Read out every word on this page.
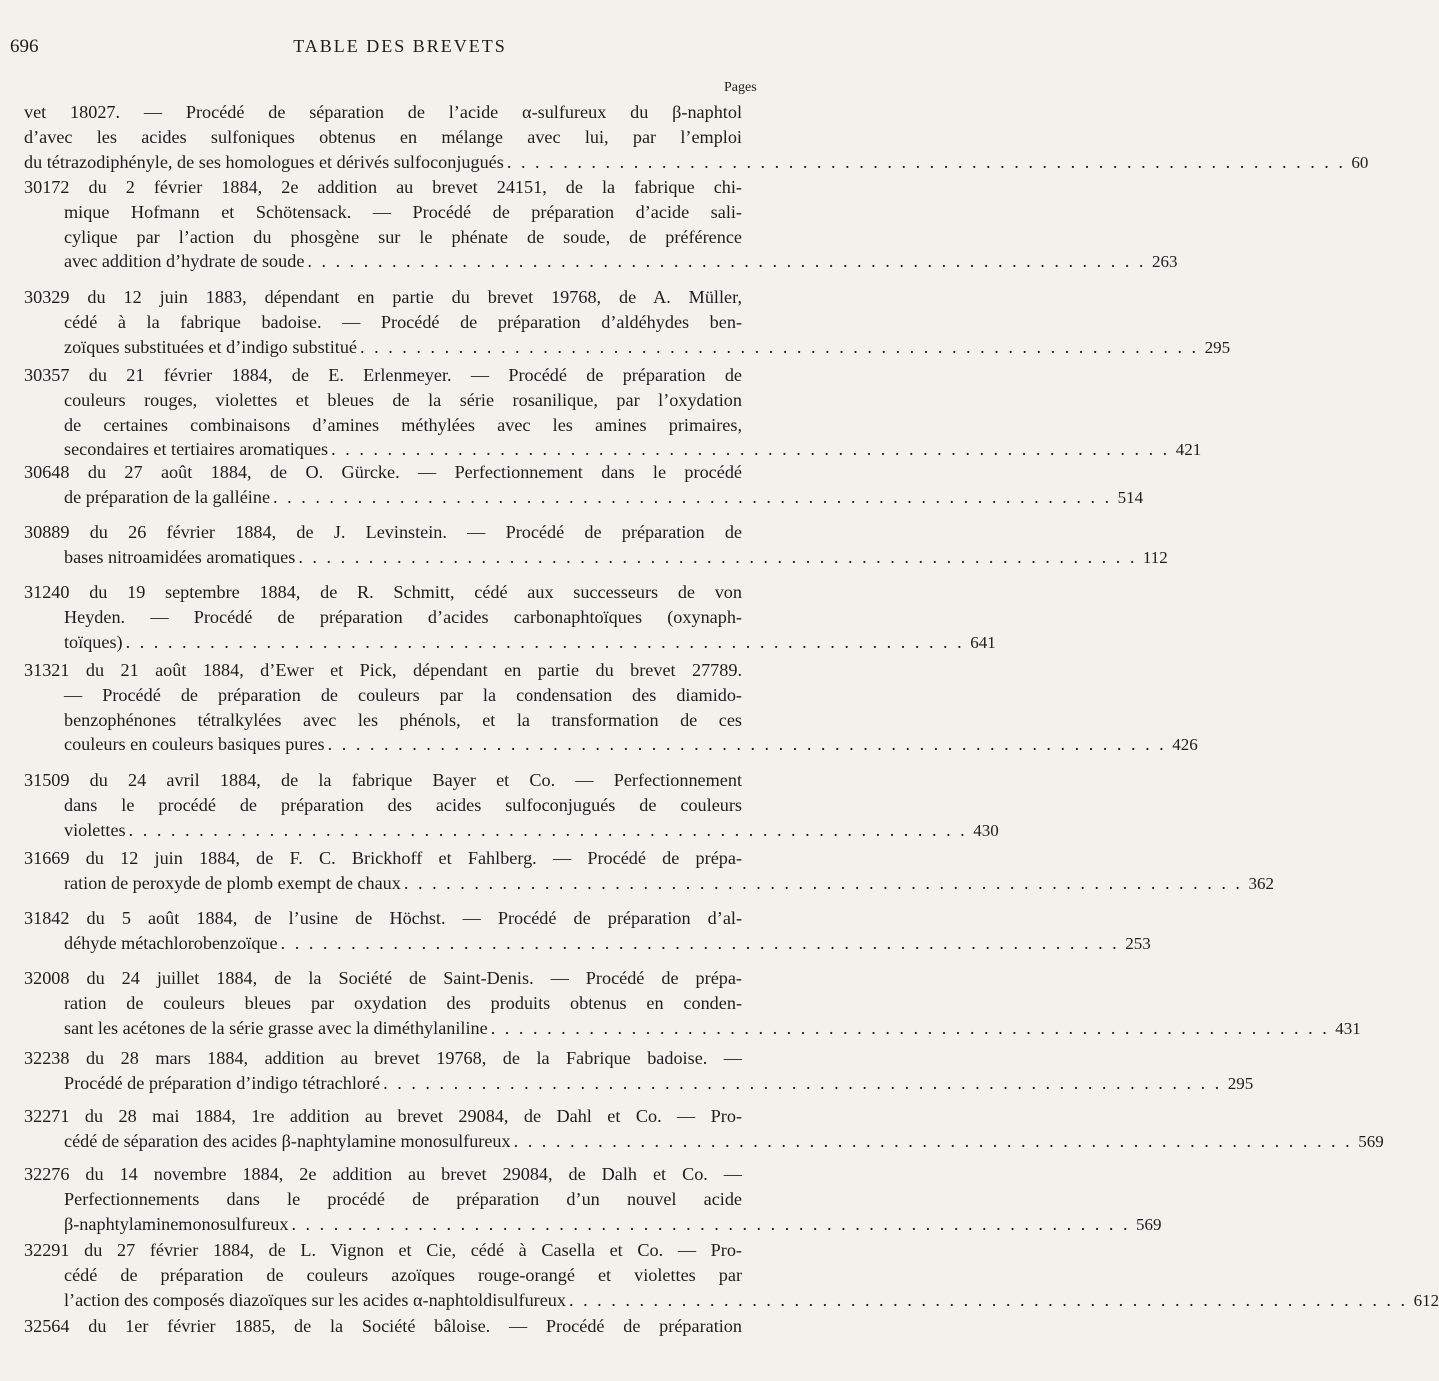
696	TABLE DES BREVETS
Pages
vet 18027. — Procédé de séparation de l’acide α-sulfureux du β-naphtol
d’avec les acides sulfoniques obtenus en mélange avec lui, par l’emploi
du tétrazodiphényle, de ses homologues et dérivés sulfoconjugués . . . . . . . . . . . . . . . . . . . . . . . . . . . . . . . . . . . . . . . . . . . . . . . . . . . . . . . . . . . . 60
30172 du 2 février 1884, 2e addition au brevet 24151, de la fabrique chi-
mique Hofmann et Schötensack. — Procédé de préparation d’acide sali-
cylique par l’action du phosgène sur le phénate de soude, de préférence
avec addition d’hydrate de soude . . . . . . . . . . . . . . . . . . . . . . . . . . . . . . . . . . . . . . . . . . . . . . . . . . . . . . . . . . . . 263
30329 du 12 juin 1883, dépendant en partie du brevet 19768, de A. Müller,
cédé à la fabrique badoise. — Procédé de préparation d’aldéhydes ben-
zoïques substituées et d’indigo substitué . . . . . . . . . . . . . . . . . . . . . . . . . . . . . . . . . . . . . . . . . . . . . . . . . . . . . . . . . . . . 295
30357 du 21 février 1884, de E. Erlenmeyer. — Procédé de préparation de
couleurs rouges, violettes et bleues de la série rosanilique, par l’oxydation
de certaines combinaisons d’amines méthylées avec les amines primaires,
secondaires et tertiaires aromatiques . . . . . . . . . . . . . . . . . . . . . . . . . . . . . . . . . . . . . . . . . . . . . . . . . . . . . . . . . . . . 421
30648 du 27 août 1884, de O. Gürcke. — Perfectionnement dans le procédé
de préparation de la galléine . . . . . . . . . . . . . . . . . . . . . . . . . . . . . . . . . . . . . . . . . . . . . . . . . . . . . . . . . . . . 514
30889 du 26 février 1884, de J. Levinstein. — Procédé de préparation de
bases nitroamidées aromatiques . . . . . . . . . . . . . . . . . . . . . . . . . . . . . . . . . . . . . . . . . . . . . . . . . . . . . . . . . . . . 112
31240 du 19 septembre 1884, de R. Schmitt, cédé aux successeurs de von
Heyden. — Procédé de préparation d’acides carbonaphtoïques (oxynaph-
toïques) . . . . . . . . . . . . . . . . . . . . . . . . . . . . . . . . . . . . . . . . . . . . . . . . . . . . . . . . . . . . 641
31321 du 21 août 1884, d’Ewer et Pick, dépendant en partie du brevet 27789.
— Procédé de préparation de couleurs par la condensation des diamido-
benzophénones tétralkylées avec les phénols, et la transformation de ces
couleurs en couleurs basiques pures . . . . . . . . . . . . . . . . . . . . . . . . . . . . . . . . . . . . . . . . . . . . . . . . . . . . . . . . . . . . 426
31509 du 24 avril 1884, de la fabrique Bayer et Co. — Perfectionnement
dans le procédé de préparation des acides sulfoconjugués de couleurs
violettes . . . . . . . . . . . . . . . . . . . . . . . . . . . . . . . . . . . . . . . . . . . . . . . . . . . . . . . . . . . . 430
31669 du 12 juin 1884, de F. C. Brickhoff et Fahlberg. — Procédé de prépa-
ration de peroxyde de plomb exempt de chaux . . . . . . . . . . . . . . . . . . . . . . . . . . . . . . . . . . . . . . . . . . . . . . . . . . . . . . . . . . . . 362
31842 du 5 août 1884, de l’usine de Höchst. — Procédé de préparation d’al-
déhyde métachlorobenzoïque . . . . . . . . . . . . . . . . . . . . . . . . . . . . . . . . . . . . . . . . . . . . . . . . . . . . . . . . . . . . 253
32008 du 24 juillet 1884, de la Société de Saint-Denis. — Procédé de prépa-
ration de couleurs bleues par oxydation des produits obtenus en conden-
sant les acétones de la série grasse avec la diméthylaniline . . . . . . . . . . . . . . . . . . . . . . . . . . . . . . . . . . . . . . . . . . . . . . . . . . . . . . . . . . . . 431
32238 du 28 mars 1884, addition au brevet 19768, de la Fabrique badoise. —
Procédé de préparation d’indigo tétrachloré . . . . . . . . . . . . . . . . . . . . . . . . . . . . . . . . . . . . . . . . . . . . . . . . . . . . . . . . . . . . 295
32271 du 28 mai 1884, 1re addition au brevet 29084, de Dahl et Co. — Pro-
cédé de séparation des acides β-naphtylamine monosulfureux . . . . . . . . . . . . . . . . . . . . . . . . . . . . . . . . . . . . . . . . . . . . . . . . . . . . . . . . . . . . 569
32276 du 14 novembre 1884, 2e addition au brevet 29084, de Dalh et Co. —
Perfectionnements dans le procédé de préparation d’un nouvel acide
β-naphtylaminemonosulfureux . . . . . . . . . . . . . . . . . . . . . . . . . . . . . . . . . . . . . . . . . . . . . . . . . . . . . . . . . . . . 569
32291 du 27 février 1884, de L. Vignon et Cie, cédé à Casella et Co. — Pro-
cédé de préparation de couleurs azoïques rouge-orangé et violettes par
l’action des composés diazoïques sur les acides α-naphtoldisulfureux . . . . . . . . . . . . . . . . . . . . . . . . . . . . . . . . . . . . . . . . . . . . . . . . . . . . . . . . . . . . 612
32564 du 1er février 1885, de la Société bâloise. — Procédé de préparation
